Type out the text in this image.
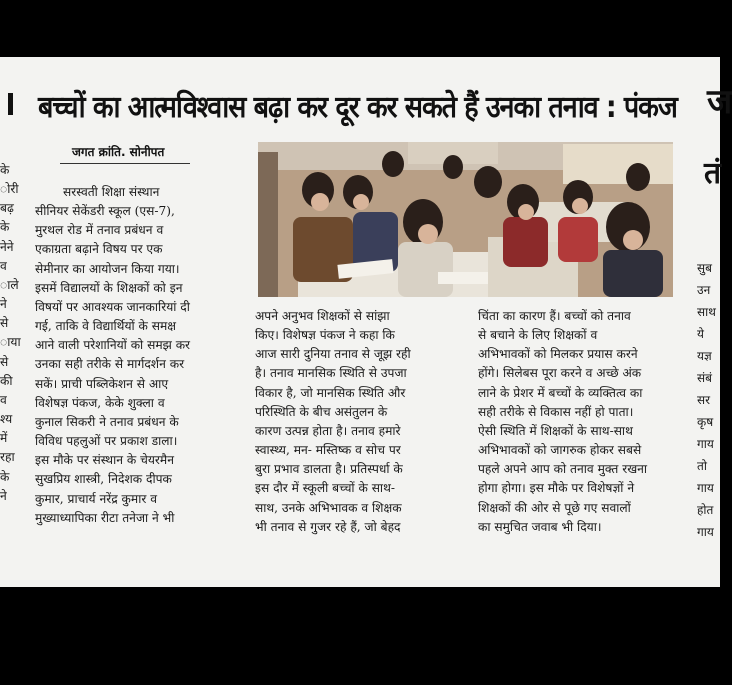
बच्चों का आत्मविश्वास बढ़ा कर दूर कर सकते हैं उनका तनाव : पंकज ज
तं
जगत क्रांति. सोनीपत

सरस्वती शिक्षा संस्थान

सीनियर सेकेंडरी स्कूल (एस-7),

मुरथल रोड में तनाव प्रबंधन व

एकाग्रता बढ़ाने विषय पर एक

सेमीनार का आयोजन किया गया।

इसमें विद्यालयों के शिक्षकों को इन

विषयों पर आवश्यक जानकारियां दी

गई, ताकि वे विद्यार्थियों के समक्ष

आने वाली परेशानियों को समझ कर

उनका सही तरीके से मार्गदर्शन कर

सकें। प्राची पब्लिकेशन से आए

विशेषज्ञ पंकज, केके शुक्ला व

कुनाल सिकरी ने तनाव प्रबंधन के

विविध पहलुओं पर प्रकाश डाला।

इस मौके पर संस्थान के चेयरमैन

सुखप्रिय शास्त्री, निदेशक दीपक

कुमार, प्राचार्य नरेंद्र कुमार व

मुख्याध्यापिका रीटा तनेजा ने भी

अपने अनुभव शिक्षकों से सांझा

किए। विशेषज्ञ पंकज ने कहा कि

आज सारी दुनिया तनाव से जूझ रही

है। तनाव मानसिक स्थिति से उपजा

विकार है, जो मानसिक स्थिति और

परिस्थिति के बीच असंतुलन के

कारण उत्पन्न होता है। तनाव हमारे

स्वास्थ्य, मन- मस्तिष्क व सोच पर

बुरा प्रभाव डालता है। प्रतिस्पर्धा के

इस दौर में स्कूली बच्चों के साथ-

साथ, उनके अभिभावक व शिक्षक

भी तनाव से गुजर रहे हैं, जो बेहद

चिंता का कारण हैं। बच्चों को तनाव

से बचाने के लिए शिक्षकों व

अभिभावकों को मिलकर प्रयास करने

होंगे। सिलेबस पूरा करने व अच्छे अंक

लाने के प्रेशर में बच्चों के व्यक्तित्व का

सही तरीके से विकास नहीं हो पाता।

ऐसी स्थिति में शिक्षकों के साथ-साथ

अभिभावकों को जागरुक होकर सबसे

पहले अपने आप को तनाव मुक्त रखना

होगा होगा। इस मौके पर विशेषज्ञों ने

शिक्षकों की ओर से पूछे गए सवालों

का समुचित जवाब भी दिया।

के

ोरी

बढ़

के

नेने

व

ाले

ने

से

ाया

से

की

व

श्य

में

रहा

के

ने

सुब

उन

साथ

ये

यज्ञ

संबं

सर

कृष

गाय

तो

गाय

होत

गाय
